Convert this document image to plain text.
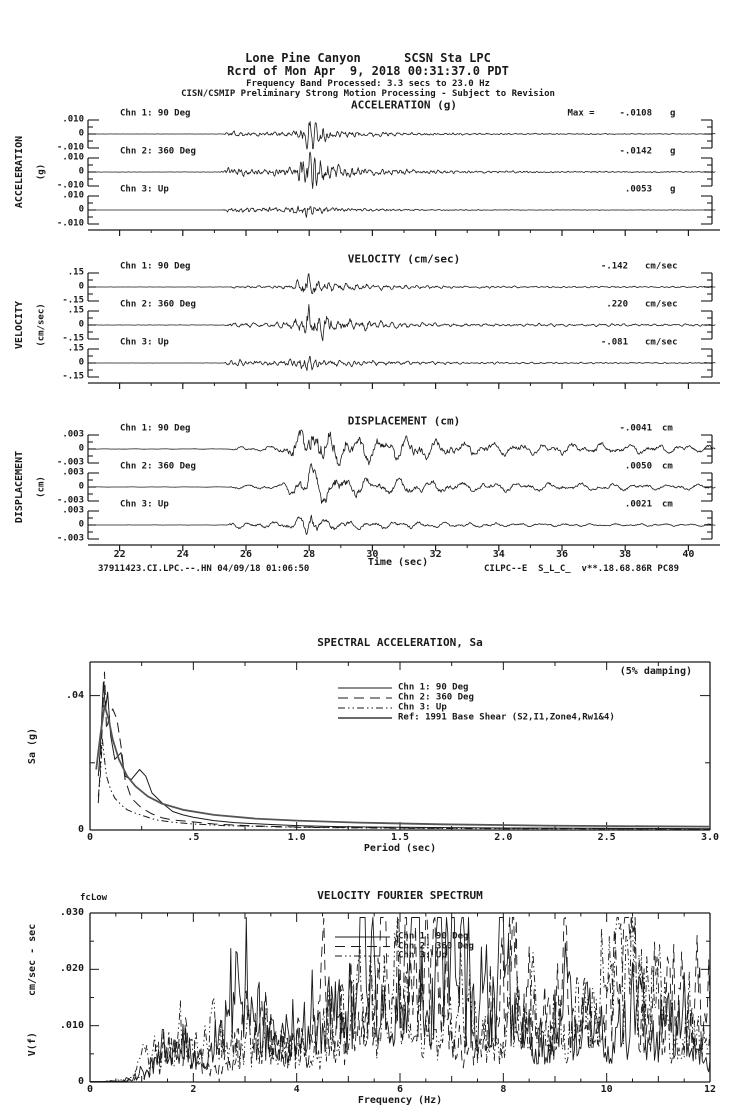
Lone Pine Canyon      SCSN Sta LPC
Rcrd of Mon Apr  9, 2018 00:31:37.0 PDT
Frequency Band Processed: 3.3 secs to 23.0 Hz
CISN/CSMIP Preliminary Strong Motion Processing - Subject to Revision
Time (sec)
37911423.CI.LPC.--.HN 04/09/18 01:06:50	CILPC--E  S_L_C_  v**.18.68.86R PC89
SPECTRAL ACCELERATION, Sa
(5% damping)
Sa (g)
Period (sec)
VELOCITY FOURIER SPECTRUM
fcLow
V(f)      cm/sec - sec
Frequency (Hz)
ACCELERATION (g)
ACCELERATION (g)
.010
0
-.010
Chn 1: 90 Deg	Max = -.0108 g
.010
0
-.010
Chn 2: 360 Deg	-.0142 g
.010
0
-.010
Chn 3: Up	.0053 g
VELOCITY (cm/sec)
VELOCITY (cm/sec)
.15
0
-.15
Chn 1: 90 Deg	-.142 cm/sec
.15
0
-.15
Chn 2: 360 Deg	.220 cm/sec
.15
0
-.15
Chn 3: Up	-.081 cm/sec
DISPLACEMENT (cm)
DISPLACEMENT (cm)
.003
0
-.003
Chn 1: 90 Deg	-.0041 cm
.003
0
-.003
Chn 2: 360 Deg	.0050 cm
.003
0
-.003
Chn 3: Up	.0021 cm
22	24	26	28	30	32	34	36	38	40
.04
0
0	.5	1.0	1.5	2.0	2.5	3.0
Chn 1: 90 Deg
Chn 2: 360 Deg
Chn 3: Up
Ref: 1991 Base Shear (S2,I1,Zone4,Rw1&4)
.030
.020
.010
0
0	2	4	6	8	10	12
Chn 1: 90 Deg
Chn 2: 360 Deg
Chn 3: Up
